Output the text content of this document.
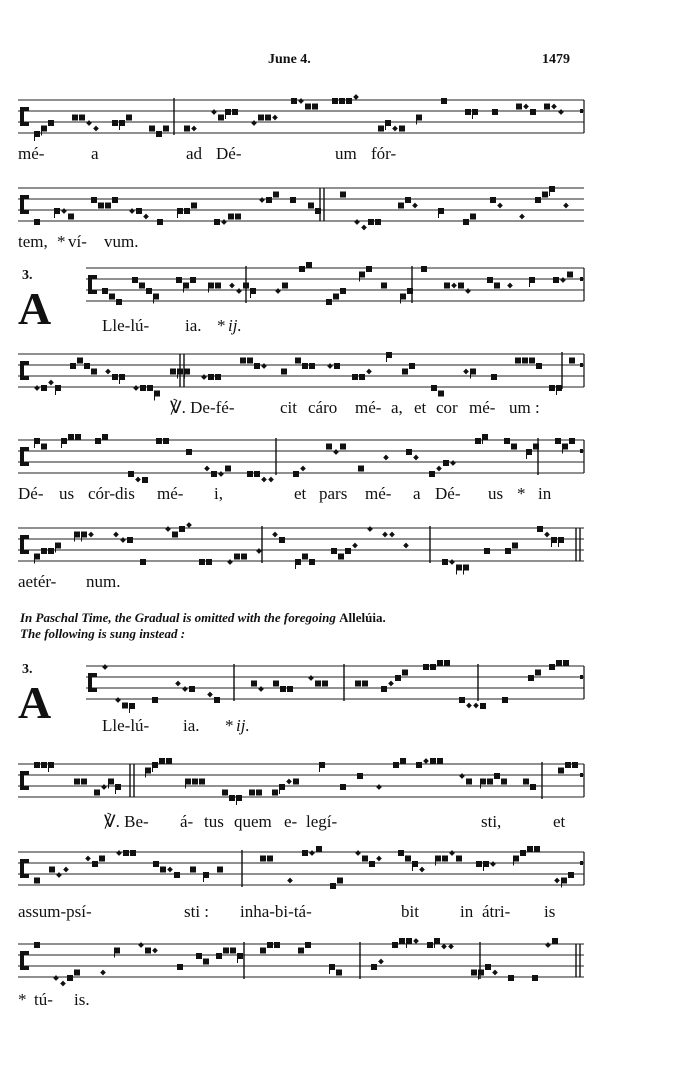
June 4.	1479
mé-	a	ad Dé-	um fór-
tem, * ví- vum.
3.
A	Lle-lú- ia. * ij.
℣. De-fé-	cit cáro mé- a, et cor mé- um :
Dé- us cór-dis mé- i,	et pars mé- a Dé- us * in
aetér- num.
In Paschal Time, the Gradual is omitted with the foregoing Allelúia.
The following is sung instead :
3.
A	Lle-lú- ia. * ij.
℣. Be- á- tus quem e- legí-	sti,	et
assum-psí-	sti : inha-bi-tá-	bit in átri- is
* tú- is.
